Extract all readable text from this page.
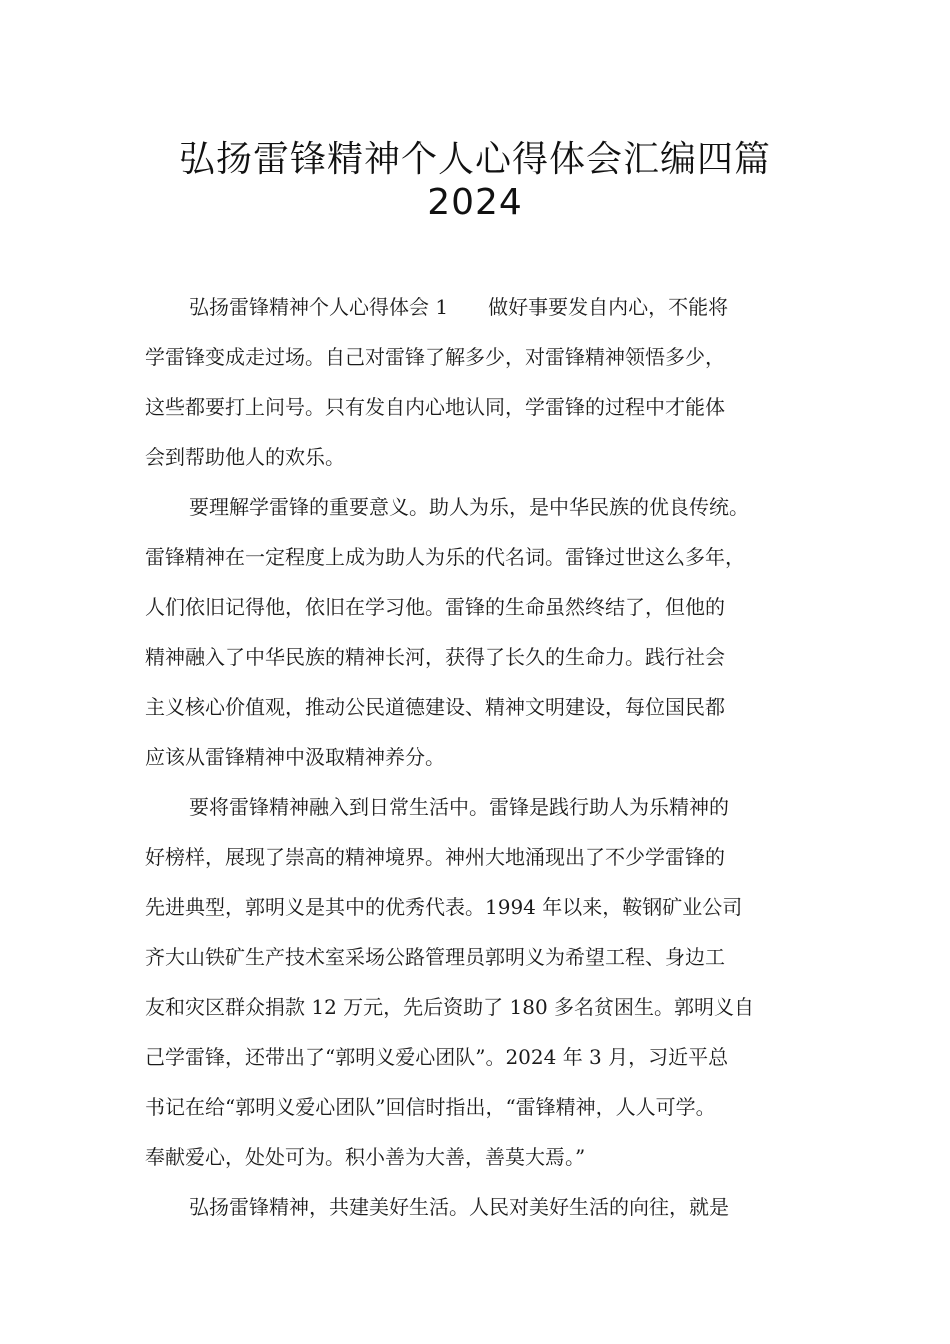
弘扬雷锋精神个人心得体会汇编四篇
2024
弘扬雷锋精神个人心得体会 1　　做好事要发自内心，不能将
学雷锋变成走过场。自己对雷锋了解多少，对雷锋精神领悟多少，
这些都要打上问号。只有发自内心地认同，学雷锋的过程中才能体
会到帮助他人的欢乐。
要理解学雷锋的重要意义。助人为乐，是中华民族的优良传统。
雷锋精神在一定程度上成为助人为乐的代名词。雷锋过世这么多年，
人们依旧记得他，依旧在学习他。雷锋的生命虽然终结了，但他的
精神融入了中华民族的精神长河，获得了长久的生命力。践行社会
主义核心价值观，推动公民道德建设、精神文明建设，每位国民都
应该从雷锋精神中汲取精神养分。
要将雷锋精神融入到日常生活中。雷锋是践行助人为乐精神的
好榜样，展现了崇高的精神境界。神州大地涌现出了不少学雷锋的
先进典型，郭明义是其中的优秀代表。1994 年以来，鞍钢矿业公司
齐大山铁矿生产技术室采场公路管理员郭明义为希望工程、身边工
友和灾区群众捐款 12 万元，先后资助了 180 多名贫困生。郭明义自
己学雷锋，还带出了“郭明义爱心团队”。2024 年 3 月，习近平总
书记在给“郭明义爱心团队”回信时指出，“雷锋精神，人人可学。
奉献爱心，处处可为。积小善为大善，善莫大焉。”
弘扬雷锋精神，共建美好生活。人民对美好生活的向往，就是
